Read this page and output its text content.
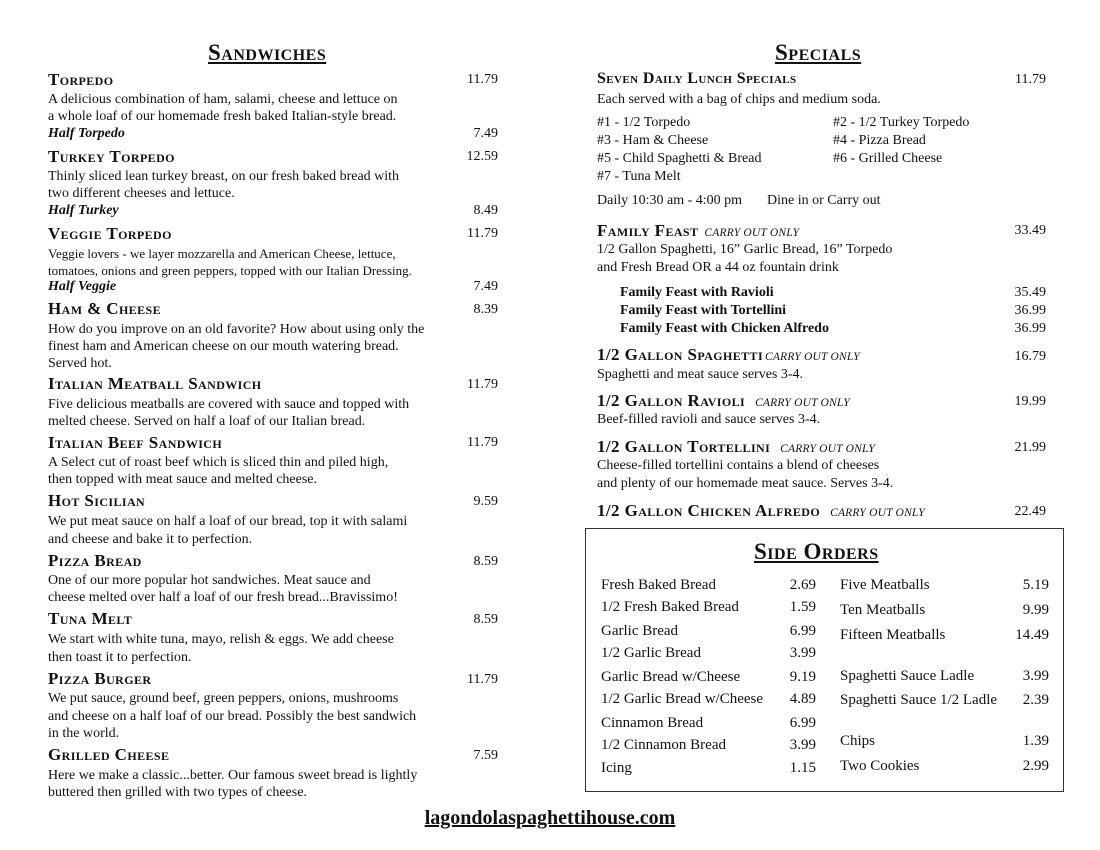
Sandwiches
Torpedo	11.79
A delicious combination of ham, salami, cheese and lettuce on
a whole loaf of our homemade fresh baked Italian-style bread.
Half Torpedo	7.49
Turkey Torpedo	12.59
Thinly sliced lean turkey breast, on our fresh baked bread with
two different cheeses and lettuce.
Half Turkey	8.49
Veggie Torpedo	11.79
Veggie lovers - we layer mozzarella and American Cheese, lettuce,
tomatoes, onions and green peppers, topped with our Italian Dressing.
Half Veggie	7.49
Ham & Cheese	8.39
How do you improve on an old favorite? How about using only the
finest ham and American cheese on our mouth watering bread.
Served hot.
Italian Meatball Sandwich	11.79
Five delicious meatballs are covered with sauce and topped with
melted cheese. Served on half a loaf of our Italian bread.
Italian Beef Sandwich	11.79
A Select cut of roast beef which is sliced thin and piled high,
then topped with meat sauce and melted cheese.
Hot Sicilian	9.59
We put meat sauce on half a loaf of our bread, top it with salami
and cheese and bake it to perfection.
Pizza Bread	8.59
One of our more popular hot sandwiches. Meat sauce and
cheese melted over half a loaf of our fresh bread...Bravissimo!
Tuna Melt	8.59
We start with white tuna, mayo, relish & eggs. We add cheese
then toast it to perfection.
Pizza Burger	11.79
We put sauce, ground beef, green peppers, onions, mushrooms
and cheese on a half loaf of our bread. Possibly the best sandwich
in the world.
Grilled Cheese	7.59
Here we make a classic...better. Our famous sweet bread is lightly
buttered then grilled with two types of cheese.
Specials
Seven Daily Lunch Specials	11.79
Each served with a bag of chips and medium soda.
#1 - 1/2 Torpedo	#2 - 1/2 Turkey Torpedo
#3 - Ham & Cheese	#4 - Pizza Bread
#5 - Child Spaghetti & Bread	#6 - Grilled Cheese
#7 - Tuna Melt
Daily 10:30 am - 4:00 pm Dine in or Carry out
Family Feast CARRY OUT ONLY	33.49
1/2 Gallon Spaghetti, 16” Garlic Bread, 16” Torpedo
and Fresh Bread OR a 44 oz fountain drink
Family Feast with Ravioli	35.49
Family Feast with Tortellini	36.99
Family Feast with Chicken Alfredo	36.99
1/2 Gallon Spaghetti CARRY OUT ONLY	16.79
Spaghetti and meat sauce serves 3-4.
1/2 Gallon Ravioli CARRY OUT ONLY	19.99
Beef-filled ravioli and sauce serves 3-4.
1/2 Gallon Tortellini CARRY OUT ONLY	21.99
Cheese-filled tortellini contains a blend of cheeses
and plenty of our homemade meat sauce. Serves 3-4.
1/2 Gallon Chicken Alfredo CARRY OUT ONLY	22.49
Side Orders
Fresh Baked Bread	2.69
1/2 Fresh Baked Bread	1.59
Garlic Bread	6.99
1/2 Garlic Bread	3.99
Garlic Bread w/Cheese	9.19
1/2 Garlic Bread w/Cheese	4.89
Cinnamon Bread	6.99
1/2 Cinnamon Bread	3.99
Icing	1.15
Five Meatballs	5.19
Ten Meatballs	9.99
Fifteen Meatballs	14.49
Spaghetti Sauce Ladle	3.99
Spaghetti Sauce 1/2 Ladle	2.39
Chips	1.39
Two Cookies	2.99
lagondolaspaghettihouse.com
